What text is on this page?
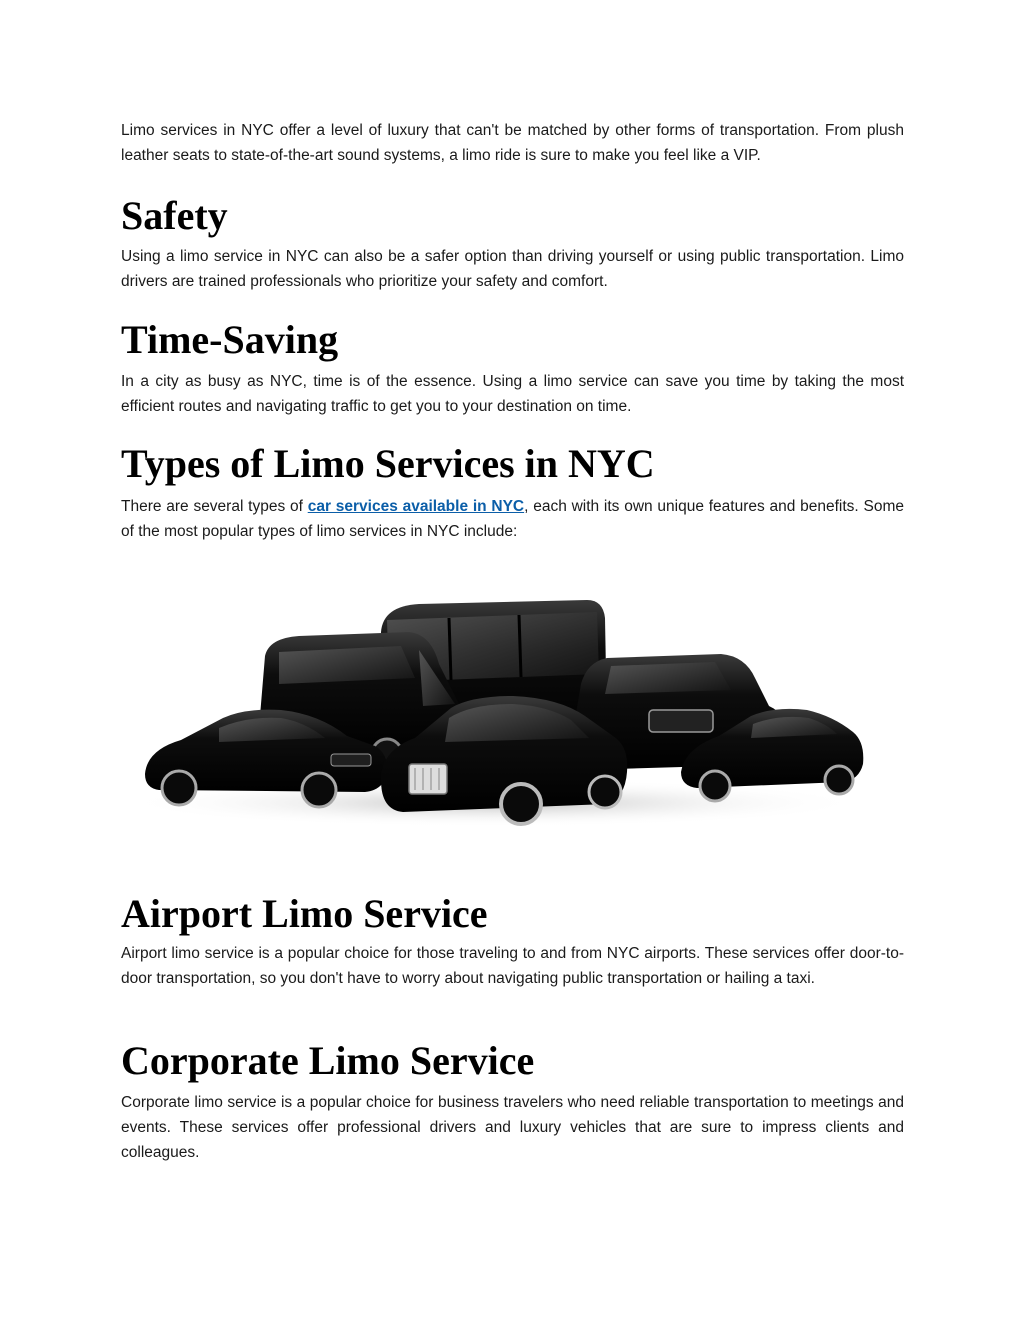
Limo services in NYC offer a level of luxury that can't be matched by other forms of transportation. From plush leather seats to state-of-the-art sound systems, a limo ride is sure to make you feel like a VIP.

Safety

Using a limo service in NYC can also be a safer option than driving yourself or using public transportation. Limo drivers are trained professionals who prioritize your safety and comfort.

Time-Saving

In a city as busy as NYC, time is of the essence. Using a limo service can save you time by taking the most efficient routes and navigating traffic to get you to your destination on time.

Types of Limo Services in NYC

There are several types of car services available in NYC, each with its own unique features and benefits. Some of the most popular types of limo services in NYC include:

Airport Limo Service

Airport limo service is a popular choice for those traveling to and from NYC airports. These services offer door-to-door transportation, so you don't have to worry about navigating public transportation or hailing a taxi.

Corporate Limo Service

Corporate limo service is a popular choice for business travelers who need reliable transportation to meetings and events. These services offer professional drivers and luxury vehicles that are sure to impress clients and colleagues.
